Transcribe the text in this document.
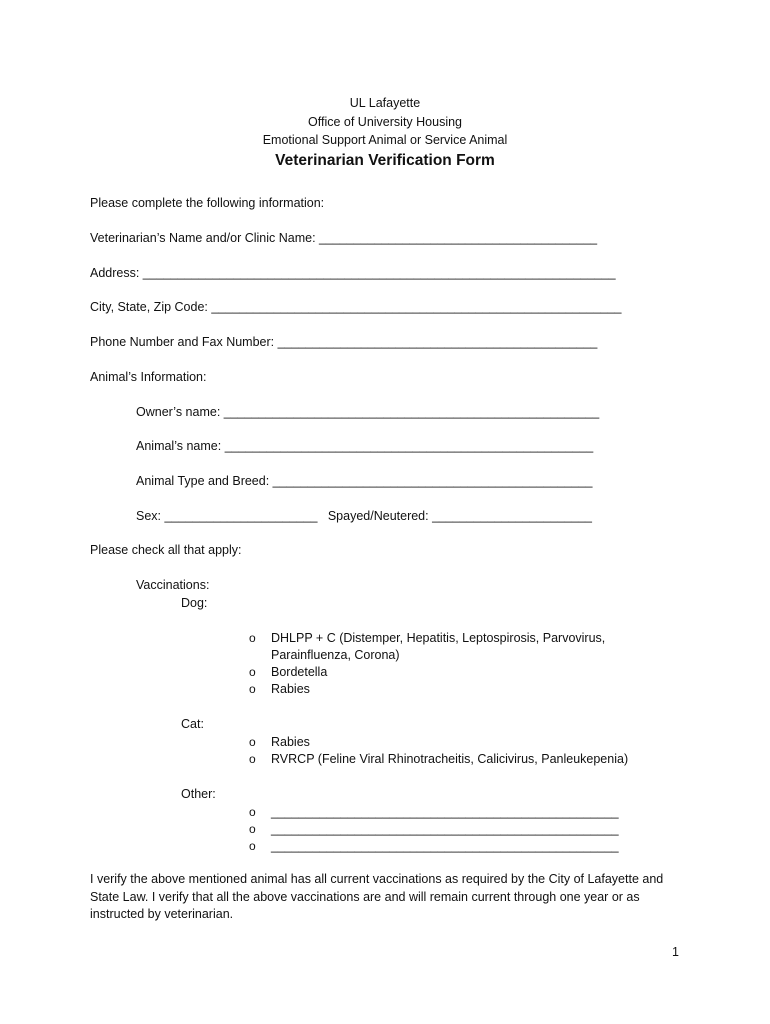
UL Lafayette
Office of University Housing
Emotional Support Animal or Service Animal
Veterinarian Verification Form
Please complete the following information:
Veterinarian’s Name and/or Clinic Name: ________________________________________
Address: ____________________________________________________________________
City, State, Zip Code: ___________________________________________________________
Phone Number and Fax Number: ______________________________________________
Animal’s Information:
Owner’s name: ______________________________________________________
Animal’s name: _____________________________________________________
Animal Type and Breed: ______________________________________________
Sex: ______________________   Spayed/Neutered: _______________________
Please check all that apply:
Vaccinations:
Dog:
o DHLPP + C (Distemper, Hepatitis, Leptospirosis, Parvovirus,
Parainfluenza, Corona)
o Bordetella
o Rabies
Cat:
o Rabies
o RVRCP (Feline Viral Rhinotracheitis, Calicivirus, Panleukepenia)
Other:
o __________________________________________________
o __________________________________________________
o __________________________________________________
I verify the above mentioned animal has all current vaccinations as required by the City of Lafayette and State Law. I verify that all the above vaccinations are and will remain current through one year or as instructed by veterinarian.
1
